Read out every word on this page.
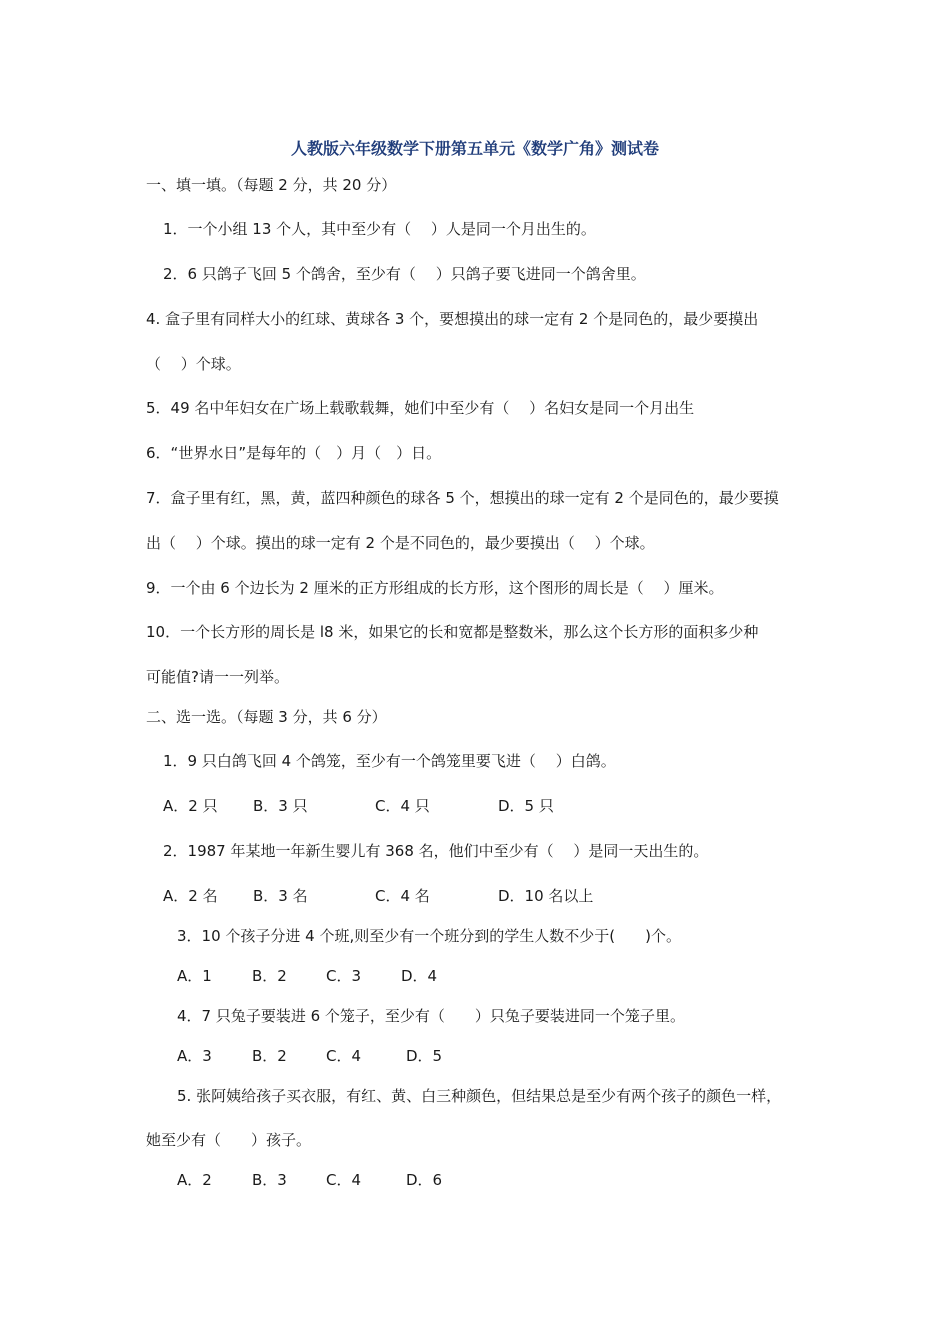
人教版六年级数学下册第五单元《数学广角》测试卷
一、填一填。（每题 2 分，共 20 分）
1．一个小组 13 个人，其中至少有（　 ）人是同一个月出生的。
2．6 只鸽子飞回 5 个鸽舍，至少有（　 ）只鸽子要飞进同一个鸽舍里。
4. 盒子里有同样大小的红球、黄球各 3 个，要想摸出的球一定有 2 个是同色的，最少要摸出
（　 ）个球。
5．49 名中年妇女在广场上载歌载舞，她们中至少有（　 ）名妇女是同一个月出生
6．“世界水日”是每年的（　）月（　）日。
7．盒子里有红，黑，黄，蓝四种颜色的球各 5 个，想摸出的球一定有 2 个是同色的，最少要摸
出（　 ）个球。摸出的球一定有 2 个是不同色的，最少要摸出（　 ）个球。
9．一个由 6 个边长为 2 厘米的正方形组成的长方形，这个图形的周长是（　 ）厘米。
10．一个长方形的周长是 l8 米，如果它的长和宽都是整数米，那么这个长方形的面积多少种
可能值?请一一列举。
二、选一选。（每题 3 分，共 6 分）
1．9 只白鸽飞回 4 个鸽笼，至少有一个鸽笼里要飞进（　 ）白鸽。

A．2 只

B．3 只

	C．4 只

	D．5 只

2．1987 年某地一年新生婴儿有 368 名，他们中至少有（　 ）是同一天出生的。

A．2 名

B．3 名

	C．4 名

	D．10 名以上

3．10 个孩子分进 4 个班,则至少有一个班分到的学生人数不少于(　　)个。

A．1

	B．2

	C．3

	D．4

4．7 只兔子要装进 6 个笼子，至少有（　　）只兔子要装进同一个笼子里。

A．3

	B．2

	C．4

	D．5

5. 张阿姨给孩子买衣服，有红、黄、白三种颜色，但结果总是至少有两个孩子的颜色一样，
她至少有（　　）孩子。

A．2

	B．3

	C．4

	D．6
